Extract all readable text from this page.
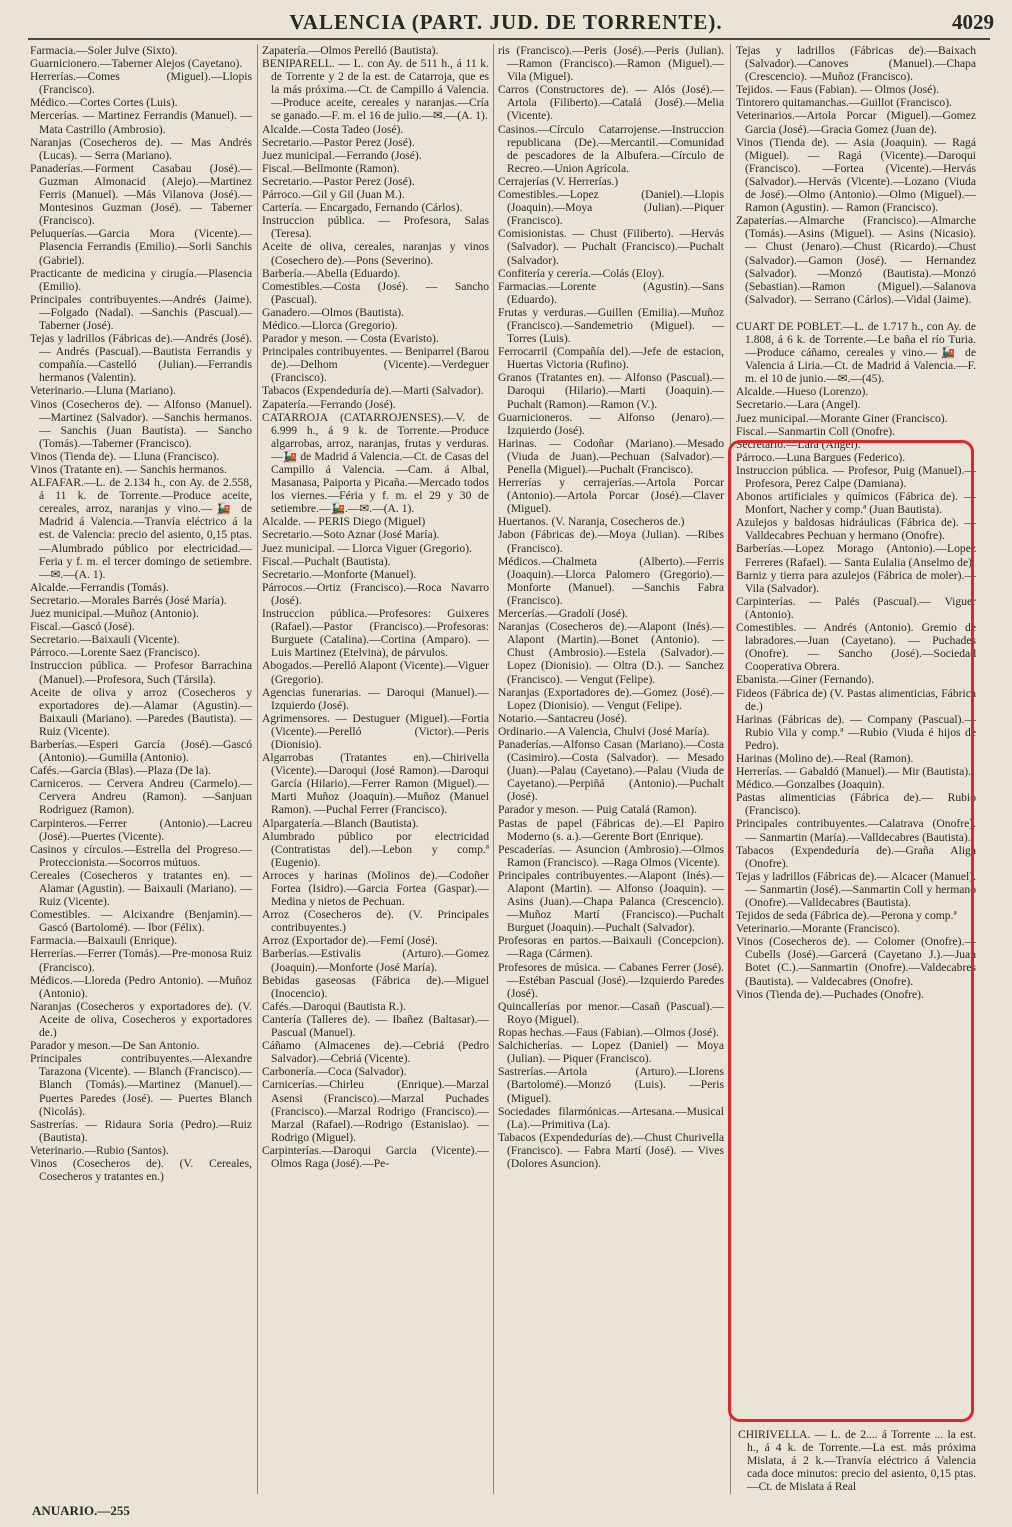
VALENCIA (PART. JUD. DE TORRENTE).	4029

Farmacia.—Soler Julve (Sixto).

Guarnicionero.—Taberner Alejos (Cayetano).

Herrerías.—Comes (Miguel).—Llopis (Francisco).

Médico.—Cortes Cortes (Luis).

Mercerías. — Martinez Ferrandis (Manuel). — Mata Castrillo (Ambrosio).

Naranjas (Cosecheros de). — Mas Andrés (Lucas). — Serra (Mariano).

Panaderías.—Forment Casabau (José).—Guzman Almonacid (Alejo).—Martinez Ferris (Manuel). —Más Vilanova (José).—Montesinos Guzman (José). — Taberner (Francisco).

Peluquerías.—Garcia Mora (Vicente).—Plasencia Ferrandis (Emilio).—Sorli Sanchis (Gabriel).

Practicante de medicina y cirugía.—Plasencia (Emilio).

Principales contribuyentes.—Andrés (Jaime).—Folgado (Nadal). —Sanchis (Pascual).—Taberner (José).

Tejas y ladrillos (Fábricas de).—Andrés (José). — Andrés (Pascual).—Bautista Ferrandis y compañía.—Castelló (Julian).—Ferrandis hermanos (Valentin).

Veterinario.—Lluna (Mariano).

Vinos (Cosecheros de). — Alfonso (Manuel).—Martinez (Salvador). —Sanchis hermanos. — Sanchis (Juan Bautista). — Sancho (Tomás).—Taberner (Francisco).

Vinos (Tienda de). — Lluna (Francisco).

Vinos (Tratante en). — Sanchis hermanos.

ALFAFAR.—L. de 2.134 h., con Ay. de 2.558, á 11 k. de Torrente.—Produce aceite, cereales, arroz, naranjas y vino.—🚂 de Madrid á Valencia.—Tranvía eléctrico á la est. de Valencia: precio del asiento, 0,15 ptas.—Alumbrado público por electricidad.—Feria y f. m. el tercer domingo de setiembre.—✉.—(A. 1).

Alcalde.—Ferrandis (Tomás).

Secretario.—Morales Barrés (José María).

Juez municipal.—Muñoz (Antonio).

Fiscal.—Gascó (José).

Secretario.—Baixauli (Vicente).

Párroco.—Lorente Saez (Francisco).

Instruccion pública. — Profesor Barrachina (Manuel).—Profesora, Such (Társila).

Aceite de oliva y arroz (Cosecheros y exportadores de).—Alamar (Agustin).—Baixauli (Mariano). —Paredes (Bautista). — Ruiz (Vicente).

Barberías.—Esperi García (José).—Gascó (Antonio).—Gumilla (Antonio).

Cafés.—Garcia (Blas).—Plaza (De la).

Carniceros. — Cervera Andreu (Carmelo).—Cervera Andreu (Ramon). —Sanjuan Rodriguez (Ramon).

Carpinteros.—Ferrer (Antonio).—Lacreu (José).—Puertes (Vicente).

Casinos y círculos.—Estrella del Progreso.—Proteccionista.—Socorros mútuos.

Cereales (Cosecheros y tratantes en). — Alamar (Agustin). — Baixauli (Mariano). — Ruiz (Vicente).

Comestibles. — Alcixandre (Benjamin).—Gascó (Bartolomé). — Ibor (Félix).

Farmacia.—Baixauli (Enrique).

Herrerías.—Ferrer (Tomás).—Pre-monosa Ruiz (Francisco).

Médicos.—Lloreda (Pedro Antonio). —Muñoz (Antonio).

Naranjas (Cosecheros y exportadores de). (V. Aceite de oliva, Cosecheros y exportadores de.)

Parador y meson.—De San Antonio.

Principales contribuyentes.—Alexandre Tarazona (Vicente). — Blanch (Francisco).—Blanch (Tomás).—Martinez (Manuel).—Puertes Paredes (José). — Puertes Blanch (Nicolás).

Sastrerías. — Ridaura Soria (Pedro).—Ruiz (Bautista).

Veterinario.—Rubio (Santos).

Vinos (Cosecheros de). (V. Cereales, Cosecheros y tratantes en.)

Zapatería.—Olmos Perelló (Bautista).

BENIPARELL. — L. con Ay. de 511 h., á 11 k. de Torrente y 2 de la est. de Catarroja, que es la más próxima.—Ct. de Campillo á Valencia.—Produce aceite, cereales y naranjas.—Cría se ganado.—F. m. el 16 de julio.—✉.—(A. 1).

Alcalde.—Costa Tadeo (José).

Secretario.—Pastor Perez (José).

Juez municipal.—Ferrando (José).

Fiscal.—Bellmonte (Ramon).

Secretario.—Pastor Perez (José).

Párroco.—Gil y Gil (Juan M.).

Cartería. — Encargado, Fernando (Cárlos).

Instruccion pública. — Profesora, Salas (Teresa).

Aceite de oliva, cereales, naranjas y vinos (Cosechero de).—Pons (Severino).

Barbería.—Abella (Eduardo).

Comestibles.—Costa (José). — Sancho (Pascual).

Ganadero.—Olmos (Bautista).

Médico.—Llorca (Gregorio).

Parador y meson. — Costa (Evaristo).

Principales contribuyentes. — Beniparrel (Barou de).—Delhom (Vicente).—Verdeguer (Francisco).

Tabacos (Expendeduría de).—Marti (Salvador).

Zapatería.—Ferrando (José).

CATARROJA (CATARROJENSES).—V. de 6.999 h., á 9 k. de Torrente.—Produce algarrobas, arroz, naranjas, frutas y verduras.—🚂 de Madrid á Valencia.—Ct. de Casas del Campillo á Valencia. —Cam. á Albal, Masanasa, Paiporta y Picaña.—Mercado todos los viernes.—Féria y f. m. el 29 y 30 de setiembre.—🚂.—✉.—(A. 1).

Alcalde. — PERIS Diego (Miguel)

Secretario.—Soto Aznar (José María).

Juez municipal. — Llorca Viguer (Gregorio).

Fiscal.—Puchalt (Bautista).

Secretario.—Monforte (Manuel).

Párrocos.—Ortiz (Francisco).—Roca Navarro (José).

Instruccion pública.—Profesores: Guixeres (Rafael).—Pastor (Francisco).—Profesoras: Burguete (Catalina).—Cortina (Amparo). — Luis Martinez (Etelvina), de párvulos.

Abogados.—Perelló Alapont (Vicente).—Viguer (Gregorio).

Agencias funerarias. — Daroqui (Manuel).—Izquierdo (José).

Agrimensores. — Destuguer (Miguel).—Fortia (Vicente).—Perelló (Victor).—Peris (Dionisio).

Algarrobas (Tratantes en).—Chirivella (Vicente).—Daroqui (José Ramon).—Daroqui García (Hilario).—Ferrer Ramon (Miguel).—Marti Muñoz (Joaquin).—Muñoz (Manuel Ramon). —Puchal Ferrer (Francisco).

Alpargatería.—Blanch (Bautista).

Alumbrado público por electricidad (Contratistas del).—Lebon y comp.ª (Eugenio).

Arroces y harinas (Molinos de).—Codoñer Fortea (Isidro).—Garcia Fortea (Gaspar).—Medina y nietos de Pechuan.

Arroz (Cosecheros de). (V. Principales contribuyentes.)

Arroz (Exportador de).—Femí (José).

Barberías.—Estivalis (Arturo).—Gomez (Joaquin).—Monforte (José María).

Bebidas gaseosas (Fábrica de).—Miguel (Inocencio).

Cafés.—Daroqui (Bautista R.).

Cantería (Talleres de). — Ibañez (Baltasar).—Pascual (Manuel).

Cáñamo (Almacenes de).—Cebriá (Pedro Salvador).—Cebriá (Vicente).

Carbonería.—Coca (Salvador).

Carnicerías.—Chirleu (Enrique).—Marzal Asensi (Francisco).—Marzal Puchades (Francisco).—Marzal Rodrigo (Francisco).—Marzal (Rafael).—Rodrigo (Estanislao). —Rodrigo (Miguel).

Carpinterías.—Daroqui Garcia (Vicente).—Olmos Raga (José).—Pe-

ris (Francisco).—Peris (José).—Peris (Julian).—Ramon (Francisco).—Ramon (Miguel).—Vila (Miguel).

Carros (Constructores de). — Alós (José).—Artola (Filiberto).—Catalá (José).—Melia (Vicente).

Casinos.—Círculo Catarrojense.—Instruccion republicana (De).—Mercantil.—Comunidad de pescadores de la Albufera.—Círculo de Recreo.—Union Agrícola.

Cerrajerías (V. Herrerías.)

Comestibles.—Lopez (Daniel).—Llopis (Joaquin).—Moya (Julian).—Piquer (Francisco).

Comisionistas. — Chust (Filiberto). —Hervás (Salvador). — Puchalt (Francisco).—Puchalt (Salvador).

Confitería y cerería.—Colás (Eloy).

Farmacias.—Lorente (Agustin).—Sans (Eduardo).

Frutas y verduras.—Guillen (Emilia).—Muñoz (Francisco).—Sandemetrio (Miguel). — Torres (Luis).

Ferrocarril (Compañía del).—Jefe de estacion, Huertas Victoria (Rufino).

Granos (Tratantes en). — Alfonso (Pascual).—Daroqui (Hilario).—Marti (Joaquin).—Puchalt (Ramon).—Ramon (V.).

Guarnicioneros. — Alfonso (Jenaro).—Izquierdo (José).

Harinas. — Codoñar (Mariano).—Mesado (Viuda de Juan).—Pechuan (Salvador).—Penella (Miguel).—Puchalt (Francisco).

Herrerías y cerrajerías.—Artola Porcar (Antonio).—Artola Porcar (José).—Claver (Miguel).

Huertanos. (V. Naranja, Cosecheros de.)

Jabon (Fábricas de).—Moya (Julian). —Ribes (Francisco).

Médicos.—Chalmeta (Alberto).—Ferris (Joaquin).—Llorca Palomero (Gregorio).—Monforte (Manuel). —Sanchis Fabra (Francisco).

Mercerías.—Gradolí (José).

Naranjas (Cosecheros de).—Alapont (Inés).—Alapont (Martin).—Bonet (Antonio). — Chust (Ambrosio).—Estela (Salvador).—Lopez (Dionisio). — Oltra (D.). — Sanchez (Francisco). — Vengut (Felipe).

Naranjas (Exportadores de).—Gomez (José).—Lopez (Dionisio). — Vengut (Felipe).

Notario.—Santacreu (José).

Ordinario.—A Valencia, Chulvi (José María).

Panaderías.—Alfonso Casan (Mariano).—Costa (Casimiro).—Costa (Salvador). — Mesado (Juan).—Palau (Cayetano).—Palau (Viuda de Cayetano).—Perpiñá (Antonio).—Puchalt (José).

Parador y meson. — Puig Catalá (Ramon).

Pastas de papel (Fábricas de).—El Papiro Moderno (s. a.).—Gerente Bort (Enrique).

Pescaderías. — Asuncion (Ambrosio).—Olmos Ramon (Francisco). —Raga Olmos (Vicente).

Principales contribuyentes.—Alapont (Inés).—Alapont (Martin). — Alfonso (Joaquin). — Asins (Juan).—Chapa Palanca (Crescencio).—Muñoz Martí (Francisco).—Puchalt Burguet (Joaquin).—Puchalt (Salvador).

Profesoras en partos.—Baixauli (Concepcion).—Raga (Cármen).

Profesores de música. — Cabanes Ferrer (José).—Estéban Pascual (José).—Izquierdo Paredes (José).

Quincallerías por menor.—Casañ (Pascual).—Royo (Miguel).

Ropas hechas.—Faus (Fabian).—Olmos (José).

Salchicherías. — Lopez (Daniel) — Moya (Julian). — Piquer (Francisco).

Sastrerías.—Artola (Arturo).—Llorens (Bartolomé).—Monzó (Luis). —Peris (Miguel).

Sociedades filarmónicas.—Artesana.—Musical (La).—Primitiva (La).

Tabacos (Expendedurías de).—Chust Churivella (Francisco). — Fabra Martí (José). — Vives (Dolores Asuncion).

Tejas y ladrillos (Fábricas de).—Baixach (Salvador).—Canoves (Manuel).—Chapa (Crescencio). —Muñoz (Francisco).

Tejidos. — Faus (Fabian). — Olmos (José).

Tintorero quitamanchas.—Guillot (Francisco).

Veterinarios.—Artola Porcar (Miguel).—Gomez Garcia (José).—Gracia Gomez (Juan de).

Vinos (Tienda de). — Asia (Joaquin). — Ragá (Miguel). — Ragá (Vicente).—Daroqui (Francisco). —Fortea (Vicente).—Hervás (Salvador).—Hervás (Vicente).—Lozano (Viuda de José).—Olmo (Antonio).—Olmo (Miguel).—Ramon (Agustin). — Ramon (Francisco).

Zapaterías.—Almarche (Francisco).—Almarche (Tomás).—Asins (Miguel). — Asins (Nicasio). — Chust (Jenaro).—Chust (Ricardo).—Chust (Salvador).—Gamon (José). — Hernandez (Salvador). —Monzó (Bautista).—Monzó (Sebastian).—Ramon (Miguel).—Salanova (Salvador). — Serrano (Cárlos).—Vidal (Jaime).

CUART DE POBLET.—L. de 1.717 h., con Ay. de 1.808, á 6 k. de Torrente.—Le baña el río Turia.—Produce cáñamo, cereales y vino.—🚂 de Valencia á Liria.—Ct. de Madrid á Valencia.—F. m. el 10 de junio.—✉.—(45).

Alcalde.—Hueso (Lorenzo).

Secretario.—Lara (Angel).

Juez municipal.—Morante Giner (Francisco).

Fiscal.—Sanmartin Coll (Onofre).

Secretario.—Lara (Angel).

Párroco.—Luna Bargues (Federico).

Instruccion pública. — Profesor, Puig (Manuel).—Profesora, Perez Calpe (Damiana).

Abonos artificiales y químicos (Fábrica de). — Monfort, Nacher y comp.ª (Juan Bautista).

Azulejos y baldosas hidráulicas (Fábrica de). — Valldecabres Pechuan y hermano (Onofre).

Barberías.—Lopez Morago (Antonio).—Lopez Ferreres (Rafael). — Santa Eulalia (Anselmo de).

Barniz y tierra para azulejos (Fábrica de moler).—Vila (Salvador).

Carpinterías. — Palés (Pascual).— Viguer (Antonio).

Comestibles. — Andrés (Antonio). Gremio de labradores.—Juan (Cayetano). — Puchades (Onofre). — Sancho (José).—Sociedad Cooperativa Obrera.

Ebanista.—Giner (Fernando).

Fideos (Fábrica de) (V. Pastas alimenticias, Fábrica de.)

Harinas (Fábricas de). — Company (Pascual).—Rubio Vila y comp.ª —Rubio (Viuda é hijos de Pedro).

Harinas (Molino de).—Real (Ramon).

Herrerías. — Gabaldó (Manuel).— Mir (Bautista).

Médico.—Gonzalbes (Joaquin).

Pastas alimenticias (Fábrica de).— Rubio (Francisco).

Principales contribuyentes.—Calatrava (Onofre). — Sanmartin (María).—Valldecabres (Bautista).

Tabacos (Expendeduría de).—Graña Aliga (Onofre).

Tejas y ladrillos (Fábricas de).— Alcacer (Manuel). — Sanmartin (José).—Sanmartin Coll y hermano (Onofre).—Valldecabres (Bautista).

Tejidos de seda (Fábrica de).—Perona y comp.ª

Veterinario.—Morante (Francisco).

Vinos (Cosecheros de). — Colomer (Onofre).—Cubells (José).—Garcerá (Cayetano J.).—Juan Botet (C.).—Sanmartin (Onofre).—Valdecabres (Bautista). — Valdecabres (Onofre).

Vinos (Tienda de).—Puchades (Onofre).

CHIRIVELLA. — L. de 2.... á Torrente ... la est. h., á 4 k. de Torrente.—La est. más próxima Mislata, á 2 k.—Tranvía eléctrico á Valencia cada doce minutos: precio del asiento, 0,15 ptas.—Ct. de Mislata á Real

ANUARIO.—255
